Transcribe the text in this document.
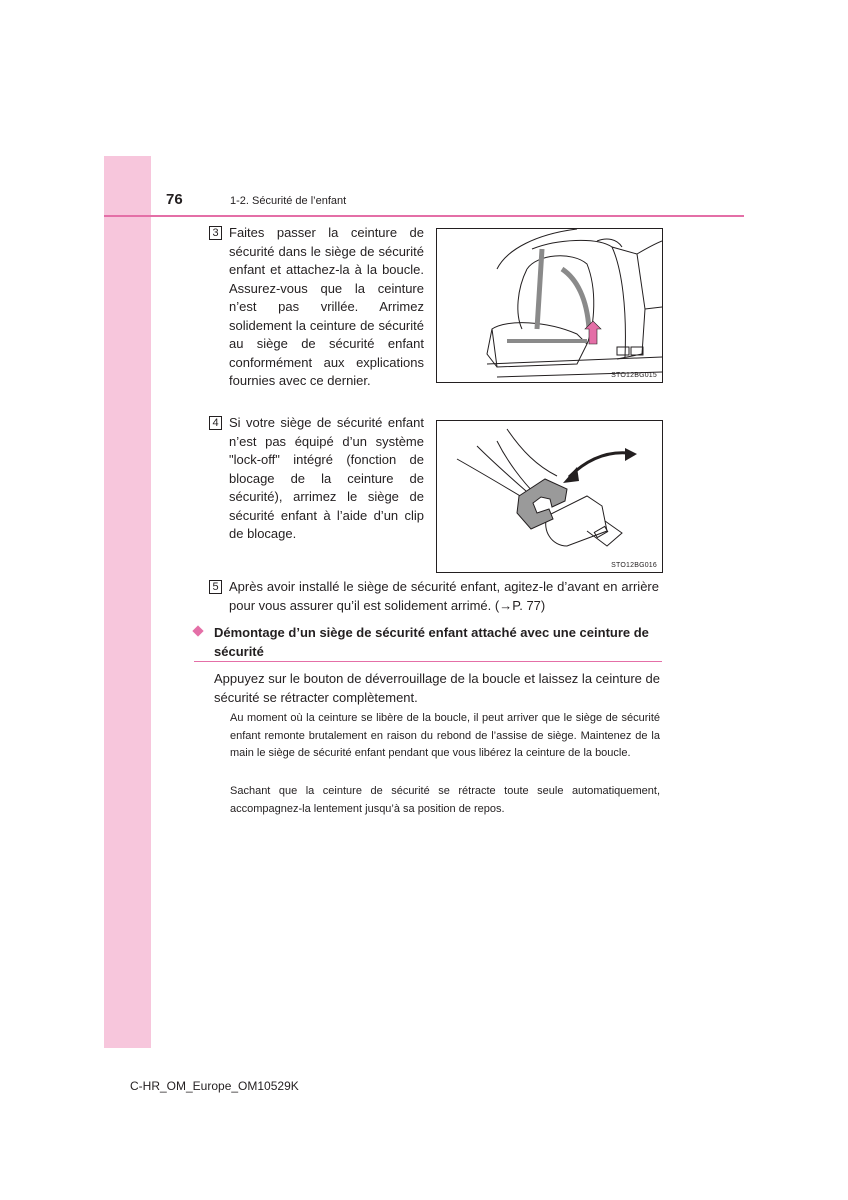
76	1-2. Sécurité de l’enfant
3 Faites passer la ceinture de sécurité dans le siège de sécurité enfant et attachez-la à la boucle. Assurez-vous que la ceinture n’est pas vrillée. Arrimez solidement la ceinture de sécurité au siège de sécurité enfant conformément aux explications fournies avec ce dernier.	STO12BG015
4 Si votre siège de sécurité enfant n’est pas équipé d’un système "lock-off" intégré (fonction de blocage de la ceinture de sécurité), arrimez le siège de sécurité enfant à l’aide d’un clip de blocage.
STO12BG016
5 Après avoir installé le siège de sécurité enfant, agitez-le d’avant en arrière pour vous assurer qu’il est solidement arrimé. (→P. 77)
Démontage d’un siège de sécurité enfant attaché avec une ceinture de sécurité
Appuyez sur le bouton de déverrouillage de la boucle et laissez la ceinture de sécurité se rétracter complètement.
Au moment où la ceinture se libère de la boucle, il peut arriver que le siège de sécurité enfant remonte brutalement en raison du rebond de l’assise de siège. Maintenez de la main le siège de sécurité enfant pendant que vous libérez la ceinture de la boucle.
Sachant que la ceinture de sécurité se rétracte toute seule automatiquement, accompagnez-la lentement jusqu’à sa position de repos.
C-HR_OM_Europe_OM10529K
